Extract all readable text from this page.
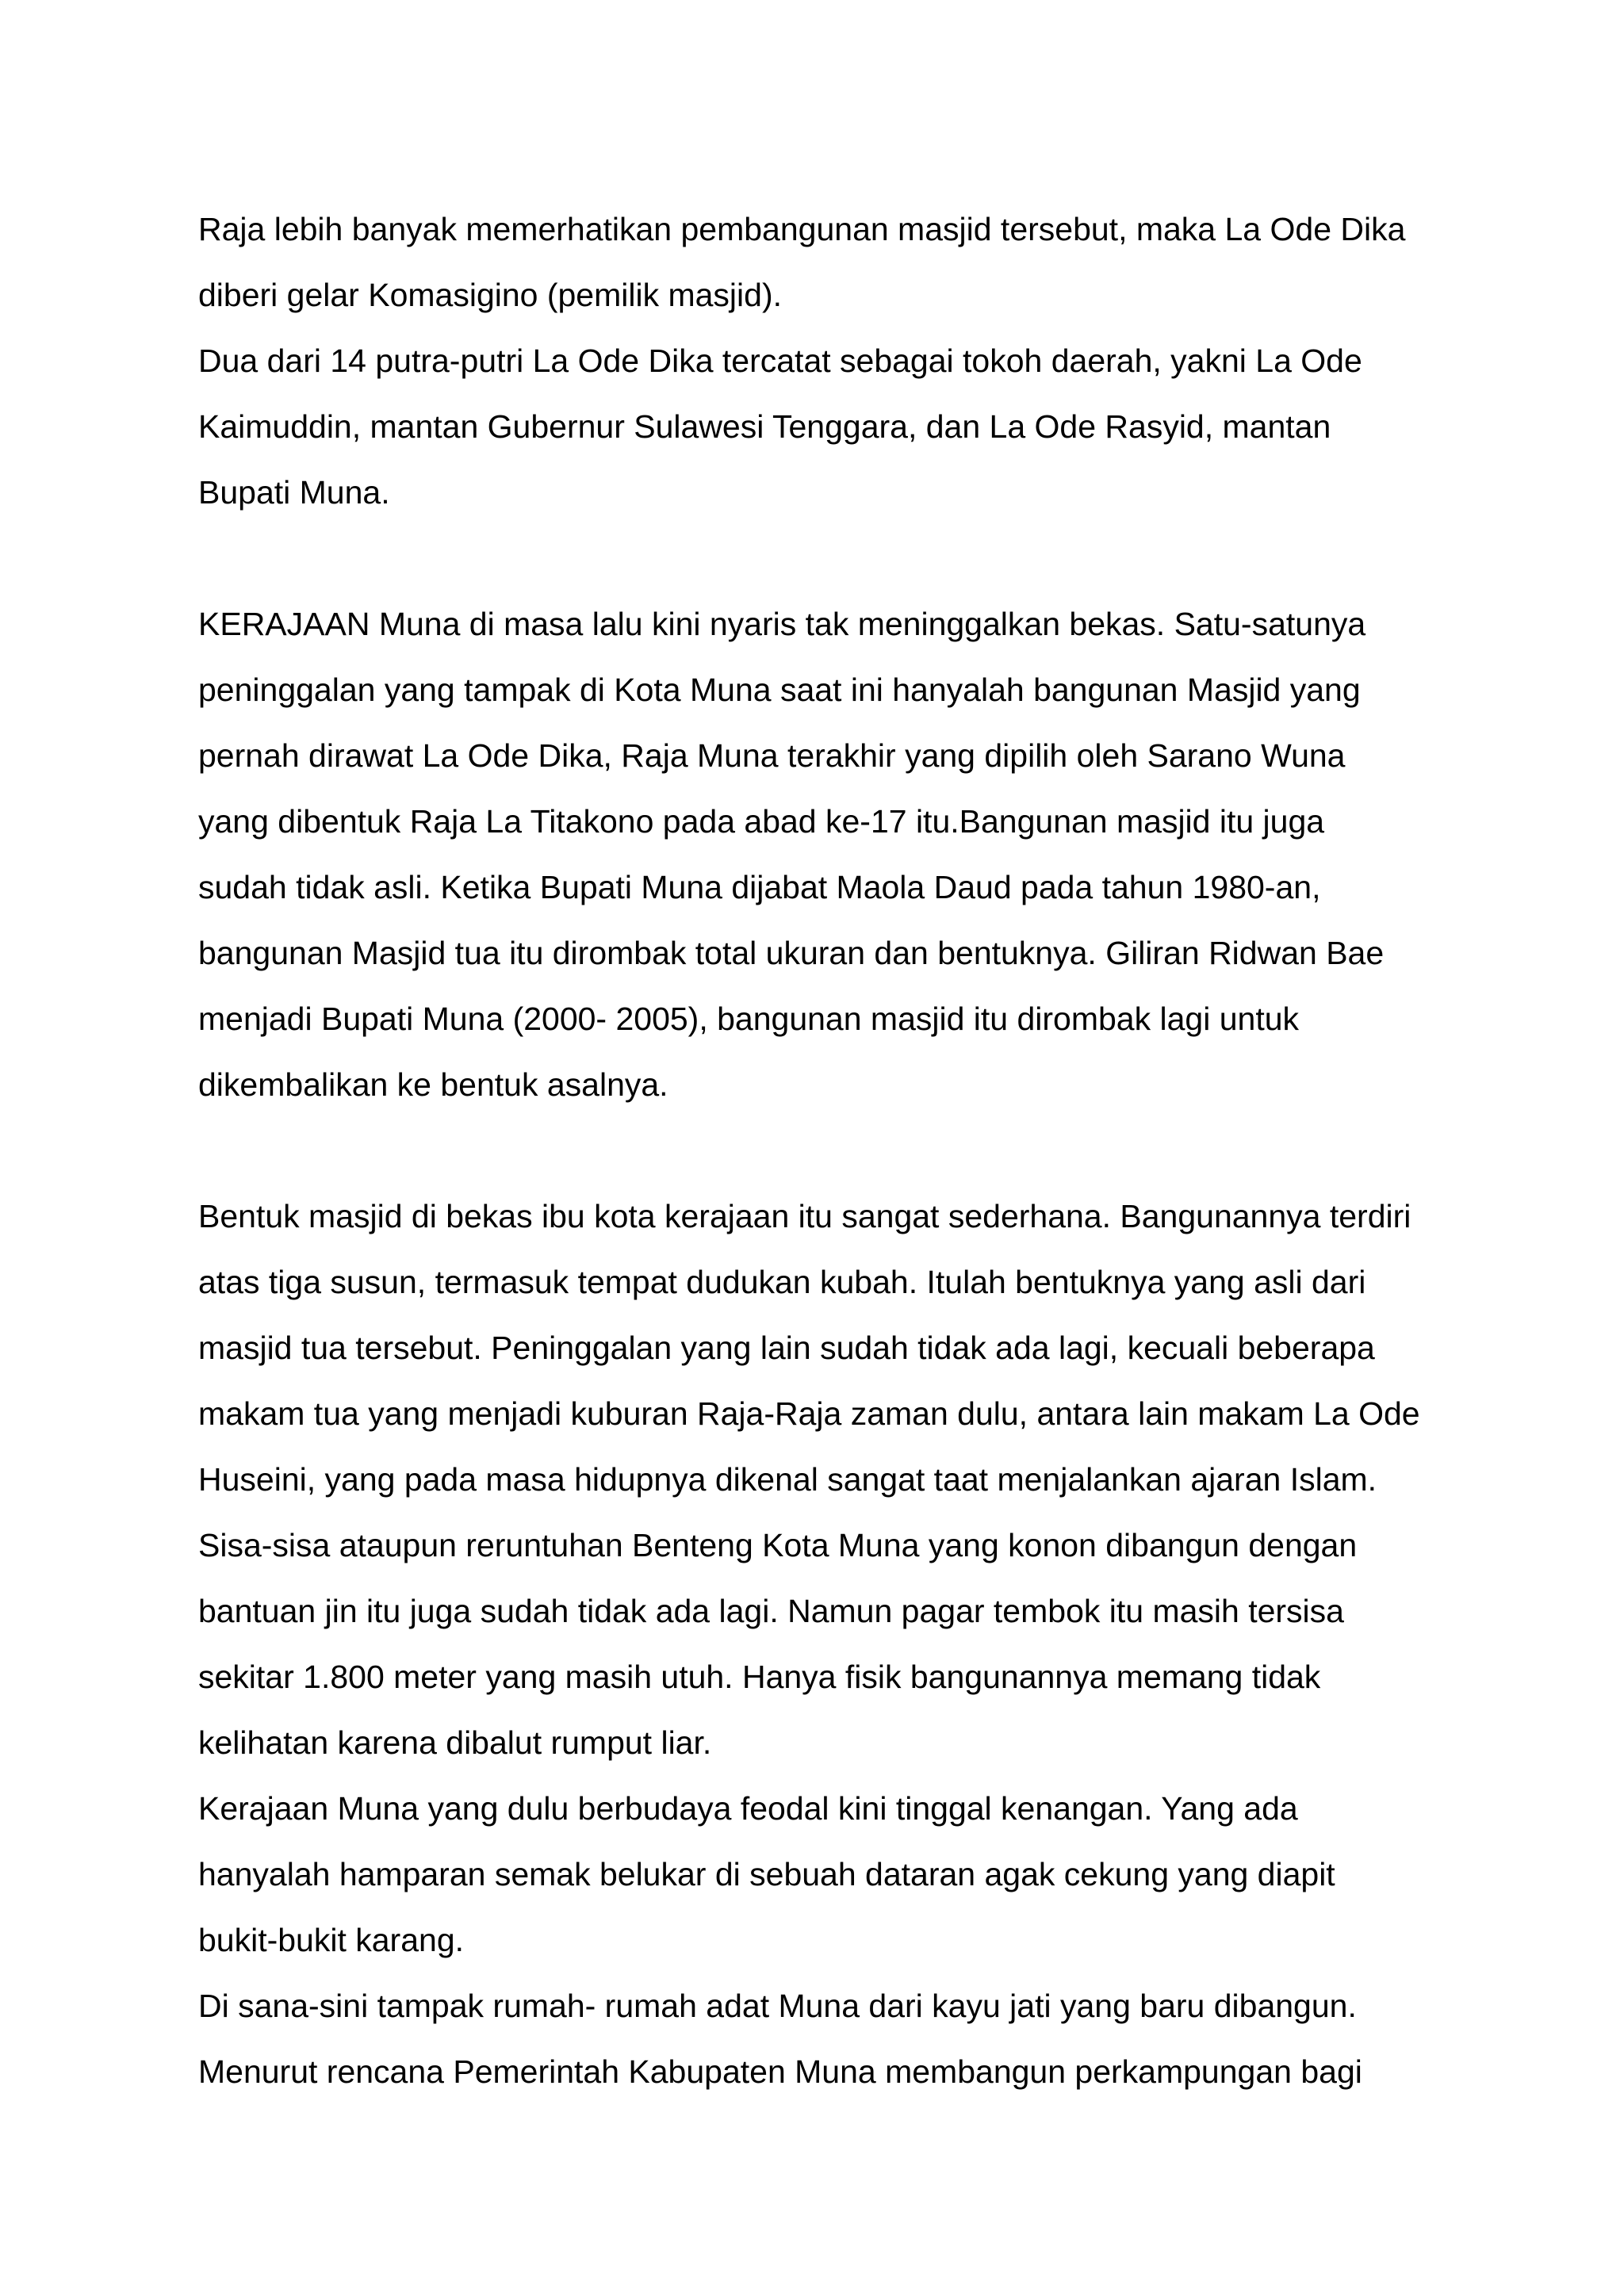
Raja lebih banyak memerhatikan pembangunan masjid tersebut, maka La Ode Dika

diberi gelar Komasigino (pemilik masjid).

Dua dari 14 putra-putri La Ode Dika tercatat sebagai tokoh daerah, yakni La Ode

Kaimuddin, mantan Gubernur Sulawesi Tenggara, dan La Ode Rasyid, mantan

Bupati Muna.

KERAJAAN Muna di masa lalu kini nyaris tak meninggalkan bekas. Satu-satunya

peninggalan yang tampak di Kota Muna saat ini hanyalah bangunan Masjid yang

pernah dirawat La Ode Dika, Raja Muna terakhir yang dipilih oleh Sarano Wuna

yang dibentuk Raja La Titakono pada abad ke-17 itu.Bangunan masjid itu juga

sudah tidak asli. Ketika Bupati Muna dijabat Maola Daud pada tahun 1980-an,

bangunan Masjid tua itu dirombak total ukuran dan bentuknya. Giliran Ridwan Bae

menjadi Bupati Muna (2000- 2005), bangunan masjid itu dirombak lagi untuk

dikembalikan ke bentuk asalnya.

Bentuk masjid di bekas ibu kota kerajaan itu sangat sederhana. Bangunannya terdiri

atas tiga susun, termasuk tempat dudukan kubah. Itulah bentuknya yang asli dari

masjid tua tersebut. Peninggalan yang lain sudah tidak ada lagi, kecuali beberapa

makam tua yang menjadi kuburan Raja-Raja zaman dulu, antara lain makam La Ode

Huseini, yang pada masa hidupnya dikenal sangat taat menjalankan ajaran Islam.

Sisa-sisa ataupun reruntuhan Benteng Kota Muna yang konon dibangun dengan

bantuan jin itu juga sudah tidak ada lagi. Namun pagar tembok itu masih tersisa

sekitar 1.800 meter yang masih utuh. Hanya fisik bangunannya memang tidak

kelihatan karena dibalut rumput liar.

Kerajaan Muna yang dulu berbudaya feodal kini tinggal kenangan. Yang ada

hanyalah hamparan semak belukar di sebuah dataran agak cekung yang diapit

bukit-bukit karang.

Di sana-sini tampak rumah- rumah adat Muna dari kayu jati yang baru dibangun.

Menurut rencana Pemerintah Kabupaten Muna membangun perkampungan bagi
